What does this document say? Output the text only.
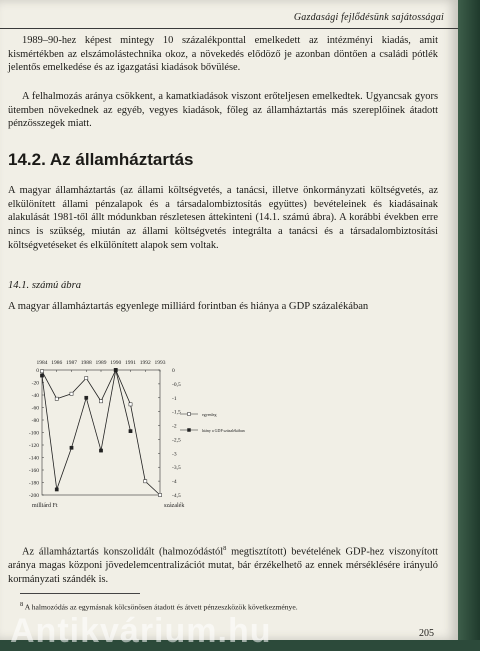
Gazdasági fejlődésünk sajátosságai
1989–90-hez képest mintegy 10 százalékponttal emelkedett az intézményi kiadás, amit kismértékben az elszámolástechnika okoz, a növekedés elődöző je azonban döntően a családi pótlék jelentős emelkedése és az igazgatási kiadások bővülése.
A felhalmozás aránya csökkent, a kamatkiadások viszont erőteljesen emelkedtek. Ugyancsak gyors ütemben növekednek az egyéb, vegyes kiadások, főleg az államháztartás más szereplőinek átadott pénzösszegek miatt.
14.2. Az államháztartás
A magyar államháztartás (az állami költségvetés, a tanácsi, illetve önkormányzati költségvetés, az elkülönített állami pénzalapok és a társadalombiztosítás együttes) bevételeinek és kiadásainak alakulását 1981-től állt módunkban részletesen áttekinteni (14.1. számú ábra). A korábbi években erre nincs is szükség, miután az állami költségvetés integrálta a tanácsi és a társadalombiztosítási költségvetéseket és elkülönített alapok sem voltak.
14.1. számú ábra
A magyar államháztartás egyenlege milliárd forintban és hiánya a GDP százalékában
1984 1986 1987 1988 1989 1990 1991 1992 1993
0
-20
-40
-60
-80
-100
-120
-140
-160
-180
-200
0
-0,5
-1
-1,5
-2
-2,5
-3
-3,5
-4
-4,5
milliárd Ft	százalék
egyenleg
hiány a GDP százalékában
Az államháztartás konszolidált (halmozódástól$^8$ megtisztított) bevételének GDP-hez viszonyított aránya magas közponi jövedelemcentralizációt mutat, bár érzékelhető az ennek mérséklésére irányuló kormányzati szándék is.
$^8$ A halmozódás az egymásnak kölcsönösen átadott és átvett pénzeszközök következménye.
Antikvárium.hu	205
